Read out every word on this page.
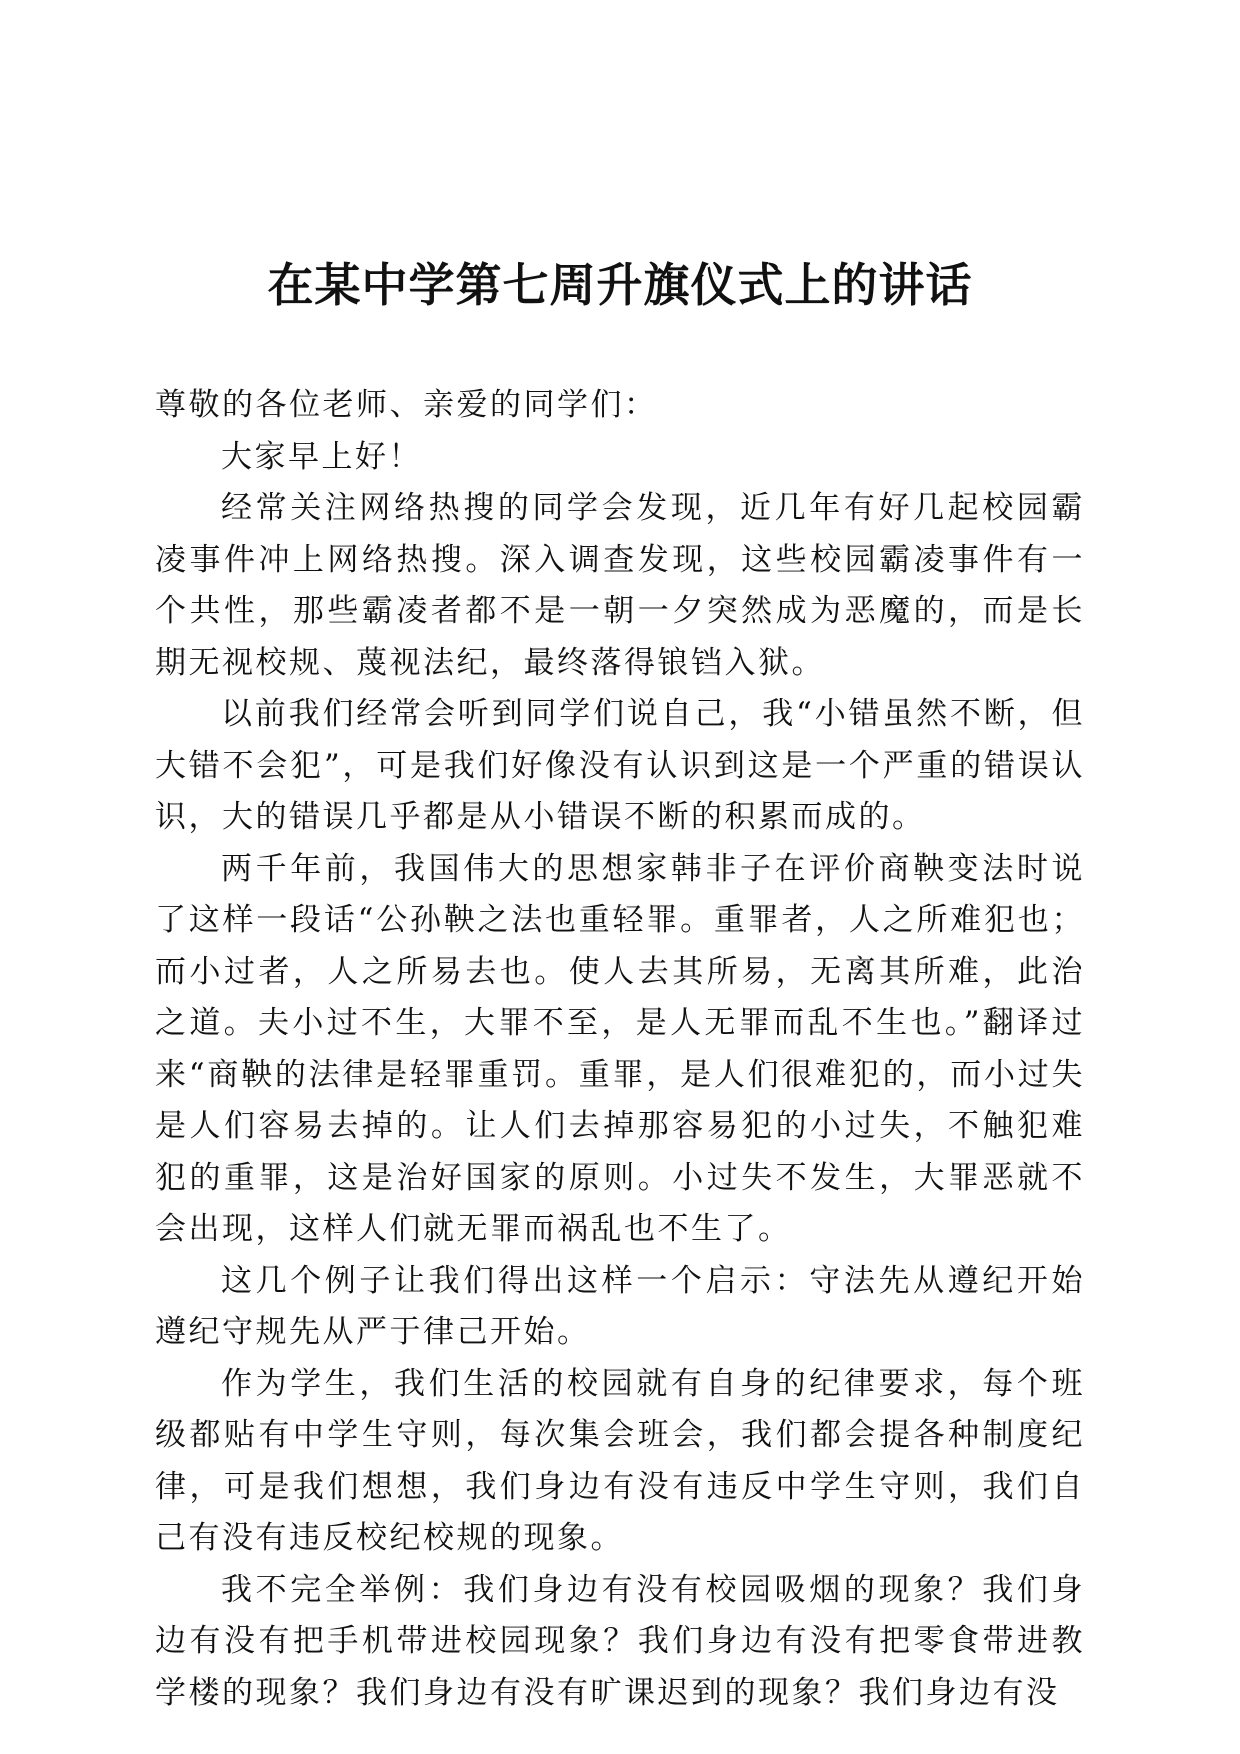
在某中学第七周升旗仪式上的讲话

尊敬的各位老师、亲爱的同学们：

大家早上好！

经常关注网络热搜的同学会发现，近几年有好几起校园霸凌事件冲上网络热搜。深入调查发现，这些校园霸凌事件有一个共性，那些霸凌者都不是一朝一夕突然成为恶魔的，而是长期无视校规、蔑视法纪，最终落得锒铛入狱。

以前我们经常会听到同学们说自己，我“小错虽然不断，但大错不会犯”，可是我们好像没有认识到这是一个严重的错误认识，大的错误几乎都是从小错误不断的积累而成的。

两千年前，我国伟大的思想家韩非子在评价商鞅变法时说了这样一段话“公孙鞅之法也重轻罪。重罪者，人之所难犯也；而小过者，人之所易去也。使人去其所易，无离其所难，此治之道。夫小过不生，大罪不至，是人无罪而乱不生也。”翻译过来“商鞅的法律是轻罪重罚。重罪，是人们很难犯的，而小过失是人们容易去掉的。让人们去掉那容易犯的小过失，不触犯难犯的重罪，这是治好国家的原则。小过失不发生，大罪恶就不会出现，这样人们就无罪而祸乱也不生了。

这几个例子让我们得出这样一个启示：守法先从遵纪开始遵纪守规先从严于律己开始。

作为学生，我们生活的校园就有自身的纪律要求，每个班级都贴有中学生守则，每次集会班会，我们都会提各种制度纪律，可是我们想想，我们身边有没有违反中学生守则，我们自己有没有违反校纪校规的现象。

我不完全举例：我们身边有没有校园吸烟的现象？我们身边有没有把手机带进校园现象？我们身边有没有把零食带进教学楼的现象？我们身边有没有旷课迟到的现象？我们身边有没
